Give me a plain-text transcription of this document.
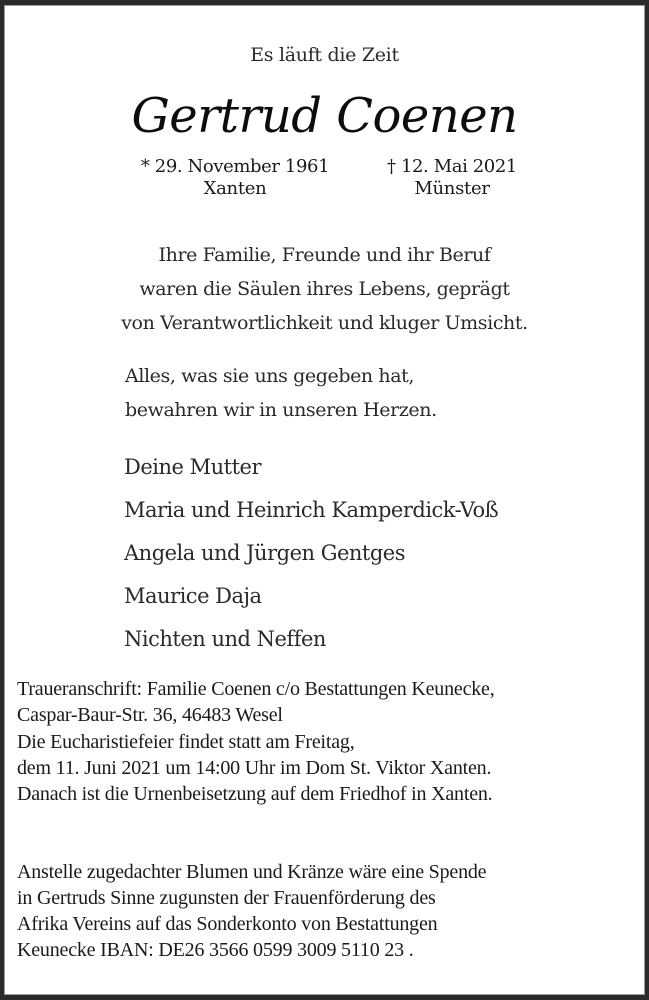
Es läuft die Zeit
Gertrud Coenen
* 29. November 1961
Xanten
† 12. Mai 2021
Münster
Ihre Familie, Freunde und ihr Beruf
waren die Säulen ihres Lebens, geprägt
von Verantwortlichkeit und kluger Umsicht.
Alles, was sie uns gegeben hat,
bewahren wir in unseren Herzen.
Deine Mutter
Maria und Heinrich Kamperdick-Voß
Angela und Jürgen Gentges
Maurice Daja
Nichten und Neffen
Traueranschrift: Familie Coenen c/o Bestattungen Keunecke,
Caspar-Baur-Str. 36, 46483 Wesel
Die Eucharistiefeier findet statt am Freitag,
dem 11. Juni 2021 um 14:00 Uhr im Dom St. Viktor Xanten.
Danach ist die Urnenbeisetzung auf dem Friedhof in Xanten.
Anstelle zugedachter Blumen und Kränze wäre eine Spende
in Gertruds Sinne zugunsten der Frauenförderung des
Afrika Vereins auf das Sonderkonto von Bestattungen
Keunecke IBAN: DE26 3566 0599 3009 5110 23 .
